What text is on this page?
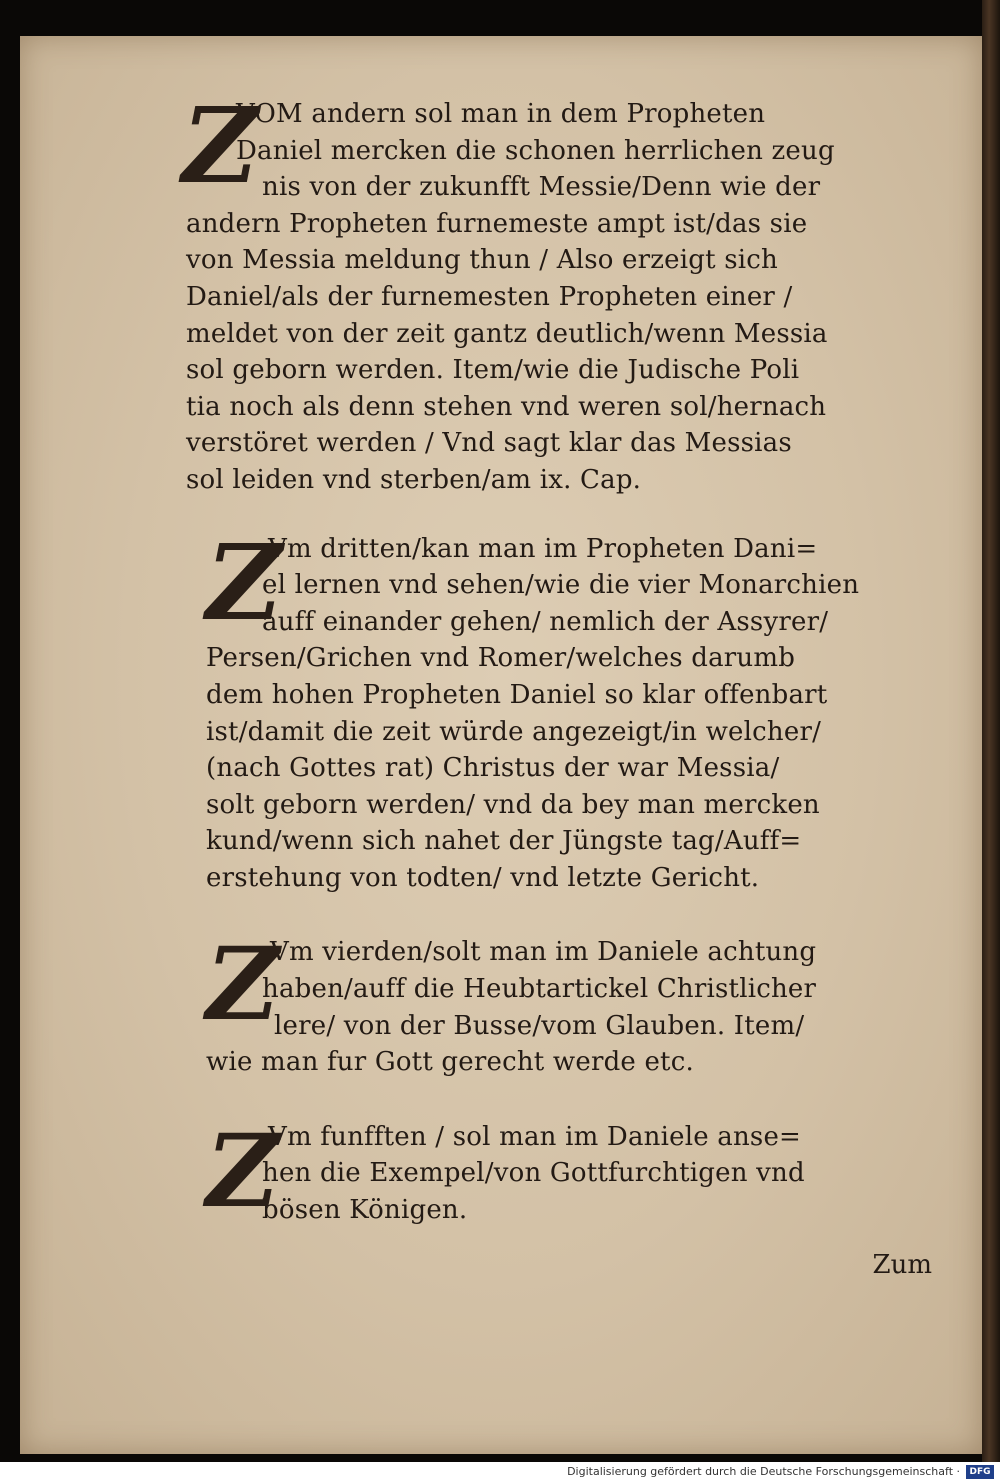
Z
VOM andern sol man in dem Propheten
Daniel mercken die schonen herrlichen zeug
nis von der zukunfft Messie/Denn wie der
andern Propheten furnemeste ampt ist/das sie
von Messia meldung thun / Also erzeigt sich
Daniel/als der furnemesten Propheten einer /
meldet von der zeit gantz deutlich/wenn Messia
sol geborn werden. Item/wie die Judische Poli
tia noch als denn stehen vnd weren sol/hernach
verstöret werden / Vnd sagt klar das Messias
sol leiden vnd sterben/am ix. Cap.
Z
Vm dritten/kan man im Propheten Dani=
el lernen vnd sehen/wie die vier Monarchien
auff einander gehen/ nemlich der Assyrer/
Persen/Grichen vnd Romer/welches darumb
dem hohen Propheten Daniel so klar offenbart
ist/damit die zeit würde angezeigt/in welcher/
(nach Gottes rat) Christus der war Messia/
solt geborn werden/ vnd da bey man mercken
kund/wenn sich nahet der Jüngste tag/Auff=
erstehung von todten/ vnd letzte Gericht.
Z
Vm vierden/solt man im Daniele achtung
haben/auff die Heubtartickel Christlicher
lere/ von der Busse/vom Glauben. Item/
wie man fur Gott gerecht werde etc.
Z
Vm funfften / sol man im Daniele anse=
hen die Exempel/von Gottfurchtigen vnd
bösen Königen.
Zum
Digitalisierung gefördert durch die Deutsche Forschungsgemeinschaft ·	DFG
